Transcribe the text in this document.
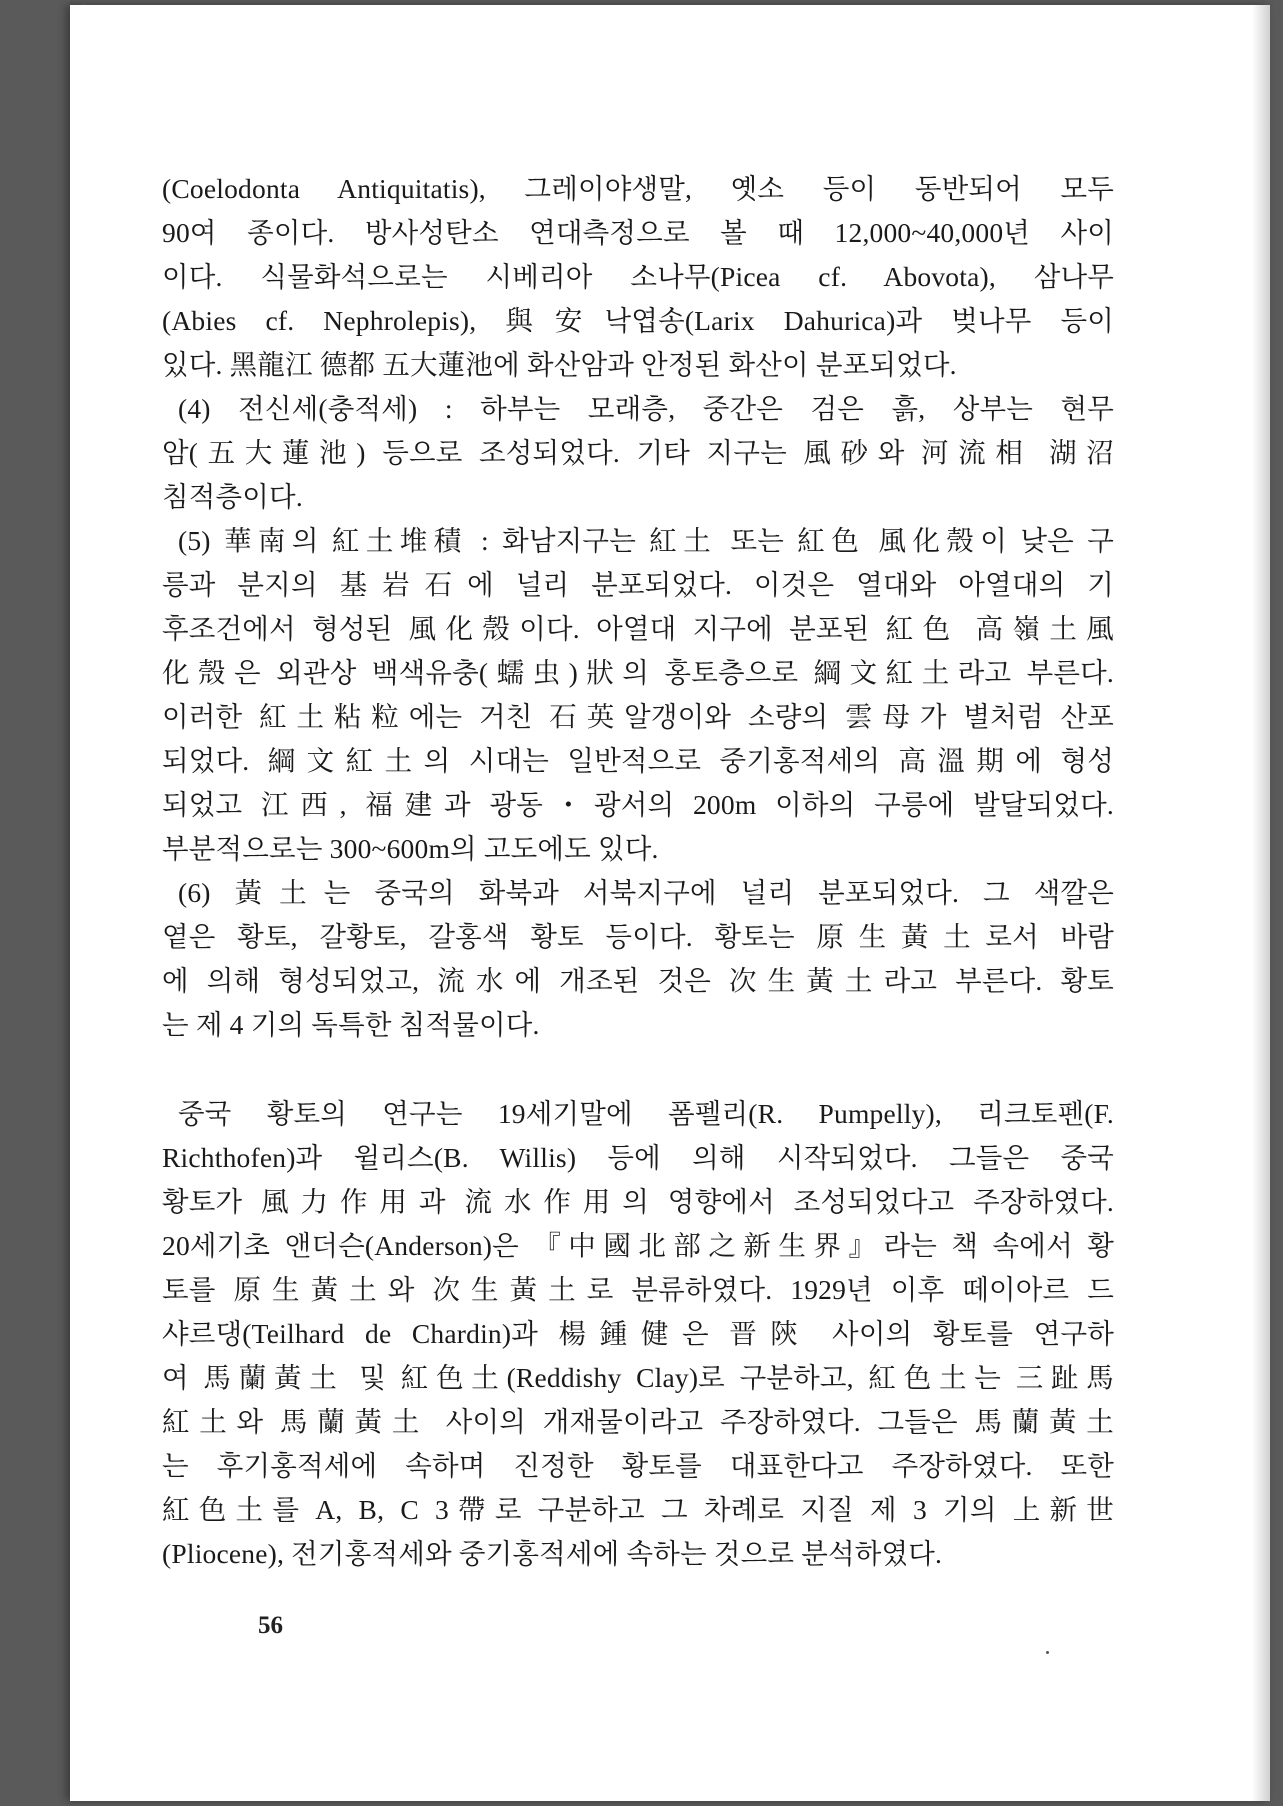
(Coelodonta Antiquitatis), 그레이야생말, 옛소 등이 동반되어 모두
90여 종이다. 방사성탄소 연대측정으로 볼 때 12,000~40,000년 사이
이다. 식물화석으로는 시베리아 소나무(Picea cf. Abovota), 삼나무
(Abies cf. Nephrolepis), 與安낙엽송(Larix Dahurica)과 벚나무 등이
있다. 黑龍江 德都 五大蓮池에 화산암과 안정된 화산이 분포되었다.
(4) 전신세(충적세) : 하부는 모래층, 중간은 검은 흙, 상부는 현무
암(五大蓮池) 등으로 조성되었다. 기타 지구는 風砂와 河流相 湖沼
침적층이다.
(5) 華南의 紅土堆積 : 화남지구는 紅土 또는 紅色 風化殼이 낮은 구
릉과 분지의 基岩石에 널리 분포되었다. 이것은 열대와 아열대의 기
후조건에서 형성된 風化殼이다. 아열대 지구에 분포된 紅色 高嶺土風
化殼은 외관상 백색유충(蠕虫)狀의 홍토층으로 綱文紅土라고 부른다.
이러한 紅土粘粒에는 거친 石英알갱이와 소량의 雲母가 별처럼 산포
되었다. 綱文紅土의 시대는 일반적으로 중기홍적세의 高溫期에 형성
되었고 江西, 福建과 광동・광서의 200m 이하의 구릉에 발달되었다.
부분적으로는 300~600m의 고도에도 있다.
(6) 黃土는 중국의 화북과 서북지구에 널리 분포되었다. 그 색깔은
옅은 황토, 갈황토, 갈홍색 황토 등이다. 황토는 原生黃土로서 바람
에 의해 형성되었고, 流水에 개조된 것은 次生黃土라고 부른다. 황토
는 제 4 기의 독특한 침적물이다.
중국 황토의 연구는 19세기말에 폼펠리(R. Pumpelly), 리크토펜(F.
Richthofen)과 윌리스(B. Willis) 등에 의해 시작되었다. 그들은 중국
황토가 風力作用과 流水作用의 영향에서 조성되었다고 주장하였다.
20세기초 앤더슨(Anderson)은 『中國北部之新生界』라는 책 속에서 황
토를 原生黃土와 次生黃土로 분류하였다. 1929년 이후 떼이아르 드
샤르댕(Teilhard de Chardin)과 楊鍾健은 晋陝 사이의 황토를 연구하
여 馬蘭黃土 및 紅色土(Reddishy Clay)로 구분하고, 紅色土는 三趾馬
紅土와 馬蘭黃土 사이의 개재물이라고 주장하였다. 그들은 馬蘭黃土
는 후기홍적세에 속하며 진정한 황토를 대표한다고 주장하였다. 또한
紅色土를 A, B, C 3帶로 구분하고 그 차례로 지질 제 3 기의 上新世
(Pliocene), 전기홍적세와 중기홍적세에 속하는 것으로 분석하였다.
56
